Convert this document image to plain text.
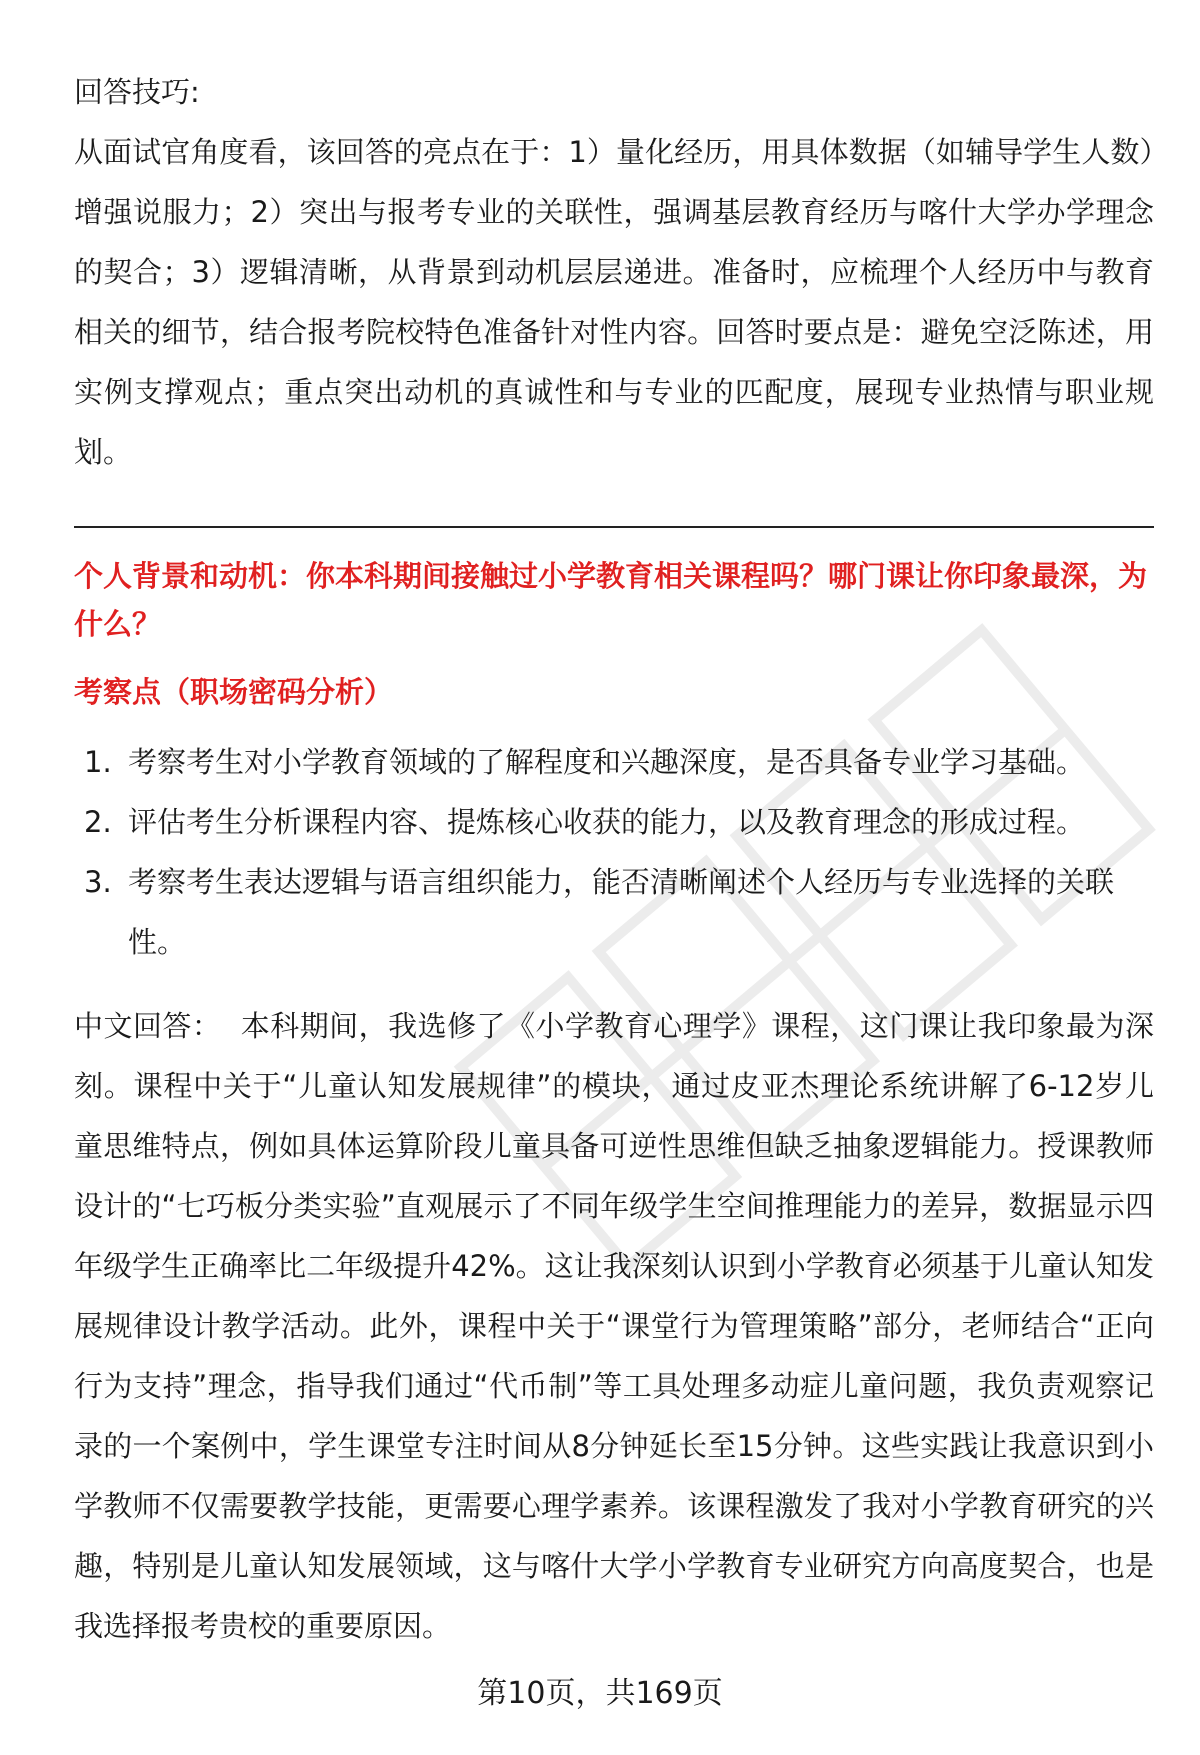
回答技巧:

从面试官角度看，该回答的亮点在于：1）量化经历，用具体数据（如辅导学生人数）增强说服力；2）突出与报考专业的关联性，强调基层教育经历与喀什大学办学理念的契合；3）逻辑清晰，从背景到动机层层递进。准备时，应梳理个人经历中与教育相关的细节，结合报考院校特色准备针对性内容。回答时要点是：避免空泛陈述，用实例支撑观点；重点突出动机的真诚性和与专业的匹配度，展现专业热情与职业规划。

个人背景和动机：你本科期间接触过小学教育相关课程吗？哪门课让你印象最深，为什么？

考察点（职场密码分析）
1. 考察考生对小学教育领域的了解程度和兴趣深度，是否具备专业学习基础。
2. 评估考生分析课程内容、提炼核心收获的能力，以及教育理念的形成过程。
3. 考察考生表达逻辑与语言组织能力，能否清晰阐述个人经历与专业选择的关联性。

中文回答： 本科期间，我选修了《小学教育心理学》课程，这门课让我印象最为深刻。课程中关于“儿童认知发展规律”的模块，通过皮亚杰理论系统讲解了6-12岁儿童思维特点，例如具体运算阶段儿童具备可逆性思维但缺乏抽象逻辑能力。授课教师设计的“七巧板分类实验”直观展示了不同年级学生空间推理能力的差异，数据显示四年级学生正确率比二年级提升42%。这让我深刻认识到小学教育必须基于儿童认知发展规律设计教学活动。此外，课程中关于“课堂行为管理策略”部分，老师结合“正向行为支持”理念，指导我们通过“代币制”等工具处理多动症儿童问题，我负责观察记录的一个案例中，学生课堂专注时间从8分钟延长至15分钟。这些实践让我意识到小学教师不仅需要教学技能，更需要心理学素养。该课程激发了我对小学教育研究的兴趣，特别是儿童认知发展领域，这与喀什大学小学教育专业研究方向高度契合，也是我选择报考贵校的重要原因。

第10页，共169页
